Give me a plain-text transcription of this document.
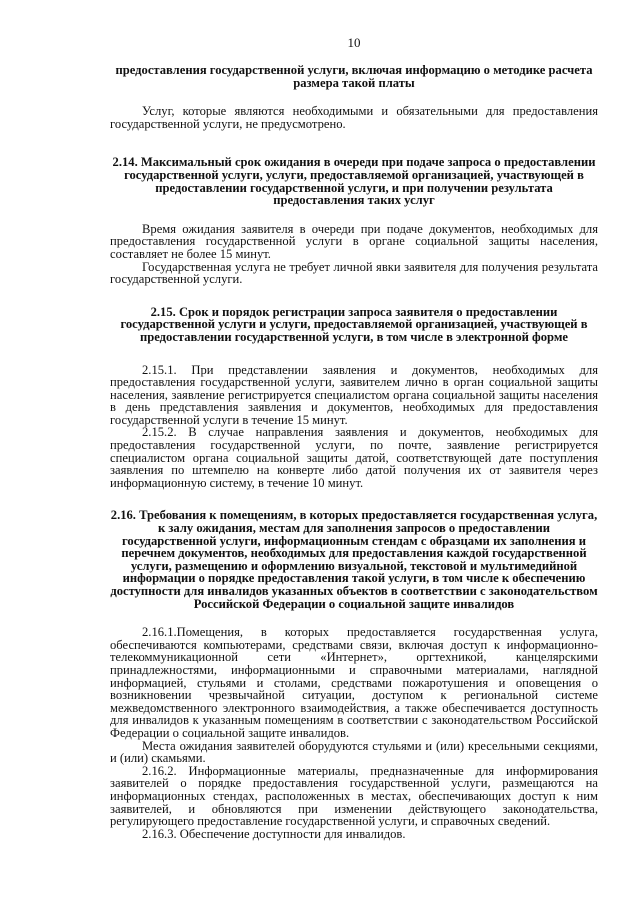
10
предоставления государственной услуги, включая информацию о методике расчета размера такой платы

Услуг, которые являются необходимыми и обязательными для предоставления государственной услуги, не предусмотрено.

2.14. Максимальный срок ожидания в очереди при подаче запроса о предоставлении государственной услуги, услуги, предоставляемой организацией, участвующей в предоставлении государственной услуги, и при получении результата предоставления таких услуг

Время ожидания заявителя в очереди при подаче документов, необходимых для предоставления государственной услуги в органе социальной защиты населения, составляет не более 15 минут.

Государственная услуга не требует личной явки заявителя для получения результата государственной услуги.

2.15. Срок и порядок регистрации запроса заявителя о предоставлении государственной услуги и услуги, предоставляемой организацией, участвующей в предоставлении государственной услуги, в том числе в электронной форме

2.15.1. При представлении заявления и документов, необходимых для предоставления государственной услуги, заявителем лично в орган социальной защиты населения, заявление регистрируется специалистом органа социальной защиты населения в день представления заявления и документов, необходимых для предоставления государственной услуги в течение 15 минут.

2.15.2. В случае направления заявления и документов, необходимых для предоставления государственной услуги, по почте, заявление регистрируется специалистом органа социальной защиты датой, соответствующей дате поступления заявления по штемпелю на конверте либо датой получения их от заявителя через информационную систему, в течение 10 минут.

2.16. Требования к помещениям, в которых предоставляется государственная услуга, к залу ожидания, местам для заполнения запросов о предоставлении государственной услуги, информационным стендам с образцами их заполнения и перечнем документов, необходимых для предоставления каждой государственной услуги, размещению и оформлению визуальной, текстовой и мультимедийной информации о порядке предоставления такой услуги, в том числе к обеспечению доступности для инвалидов указанных объектов в соответствии с законодательством Российской Федерации о социальной защите инвалидов

2.16.1.Помещения, в которых предоставляется государственная услуга, обеспечиваются компьютерами, средствами связи, включая доступ к информационно-телекоммуникационной сети «Интернет», оргтехникой, канцелярскими принадлежностями, информационными и справочными материалами, наглядной информацией, стульями и столами, средствами пожаротушения и оповещения о возникновении чрезвычайной ситуации, доступом к региональной системе межведомственного электронного взаимодействия, а также обеспечивается доступность для инвалидов к указанным помещениям в соответствии с законодательством Российской Федерации о социальной защите инвалидов.

Места ожидания заявителей оборудуются стульями и (или) кресельными секциями, и (или) скамьями.

2.16.2. Информационные материалы, предназначенные для информирования заявителей о порядке предоставления государственной услуги, размещаются на информационных стендах, расположенных в местах, обеспечивающих доступ к ним заявителей, и обновляются при изменении действующего законодательства, регулирующего предоставление государственной услуги, и справочных сведений.

2.16.3. Обеспечение доступности для инвалидов.
